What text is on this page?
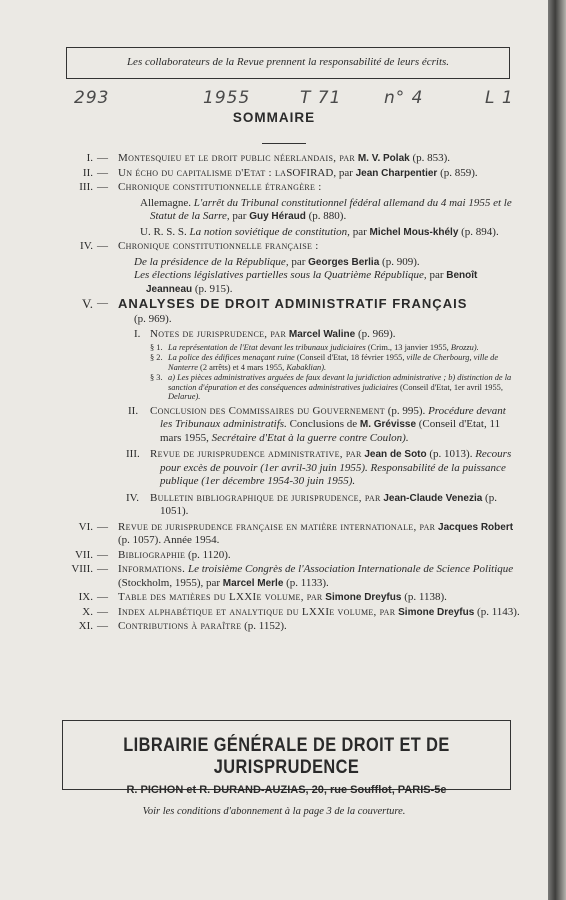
Les collaborateurs de la Revue prennent la responsabilité de leurs écrits.
293	1955	T 71	n° 4	L 1
SOMMAIRE
I. — Montesquieu et le droit public néerlandais, par M. V. Polak (p. 853).
II. — Un écho du capitalisme d'Etat : laSOFIRAD, par Jean Charpentier (p. 859).
III. — Chronique constitutionnelle étrangère :
Allemagne. L'arrêt du Tribunal constitutionnel fédéral allemand du 4 mai 1955 et le Statut de la Sarre, par Guy Héraud (p. 880).
U. R. S. S. La notion soviétique de constitution, par Michel Mous-khély (p. 894).
IV. — Chronique constitutionnelle française :
De la présidence de la République, par Georges Berlia (p. 909).
Les élections législatives partielles sous la Quatrième République, par Benoît Jeanneau (p. 915).
V. — ANALYSES DE DROIT ADMINISTRATIF FRANÇAIS
(p. 969).
I. Notes de jurisprudence, par Marcel Waline (p. 969).
§ 1. La représentation de l'Etat devant les tribunaux judiciaires (Crim., 13 janvier 1955, Brozzu).
§ 2. La police des édifices menaçant ruine (Conseil d'Etat, 18 février 1955, ville de Cherbourg, ville de Nanterre (2 arrêts) et 4 mars 1955, Kabaklian).
§ 3. a) Les pièces administratives arguées de faux devant la juridiction administrative ; b) distinction de la sanction d'épuration et des conséquences administratives judiciaires (Conseil d'Etat, 1er avril 1955, Delarue).
II. Conclusion des Commissaires du Gouvernement (p. 995). Procédure devant les Tribunaux administratifs. Conclusions de M. Grévisse (Conseil d'Etat, 11 mars 1955, Secrétaire d'Etat à la guerre contre Coulon).
III. Revue de jurisprudence administrative, par Jean de Soto (p. 1013). Recours pour excès de pouvoir (1er avril-30 juin 1955). Responsabilité de la puissance publique (1er décembre 1954-30 juin 1955).
IV. Bulletin bibliographique de jurisprudence, par Jean-Claude Venezia (p. 1051).
VI. — Revue de jurisprudence française en matière internationale, par Jacques Robert (p. 1057). Année 1954.
VII. — Bibliographie (p. 1120).
VIII. — Informations. Le troisième Congrès de l'Association Internationale de Science Politique (Stockholm, 1955), par Marcel Merle (p. 1133).
IX. — Table des matières du LXXIe volume, par Simone Dreyfus (p. 1138).
X. — Index alphabétique et analytique du LXXIe volume, par Simone Dreyfus (p. 1143).
XI. — Contributions à paraître (p. 1152).
LIBRAIRIE GÉNÉRALE DE DROIT ET DE JURISPRUDENCE
R. PICHON et R. DURAND-AUZIAS, 20, rue Soufflot, PARIS-5e
Voir les conditions d'abonnement à la page 3 de la couverture.
